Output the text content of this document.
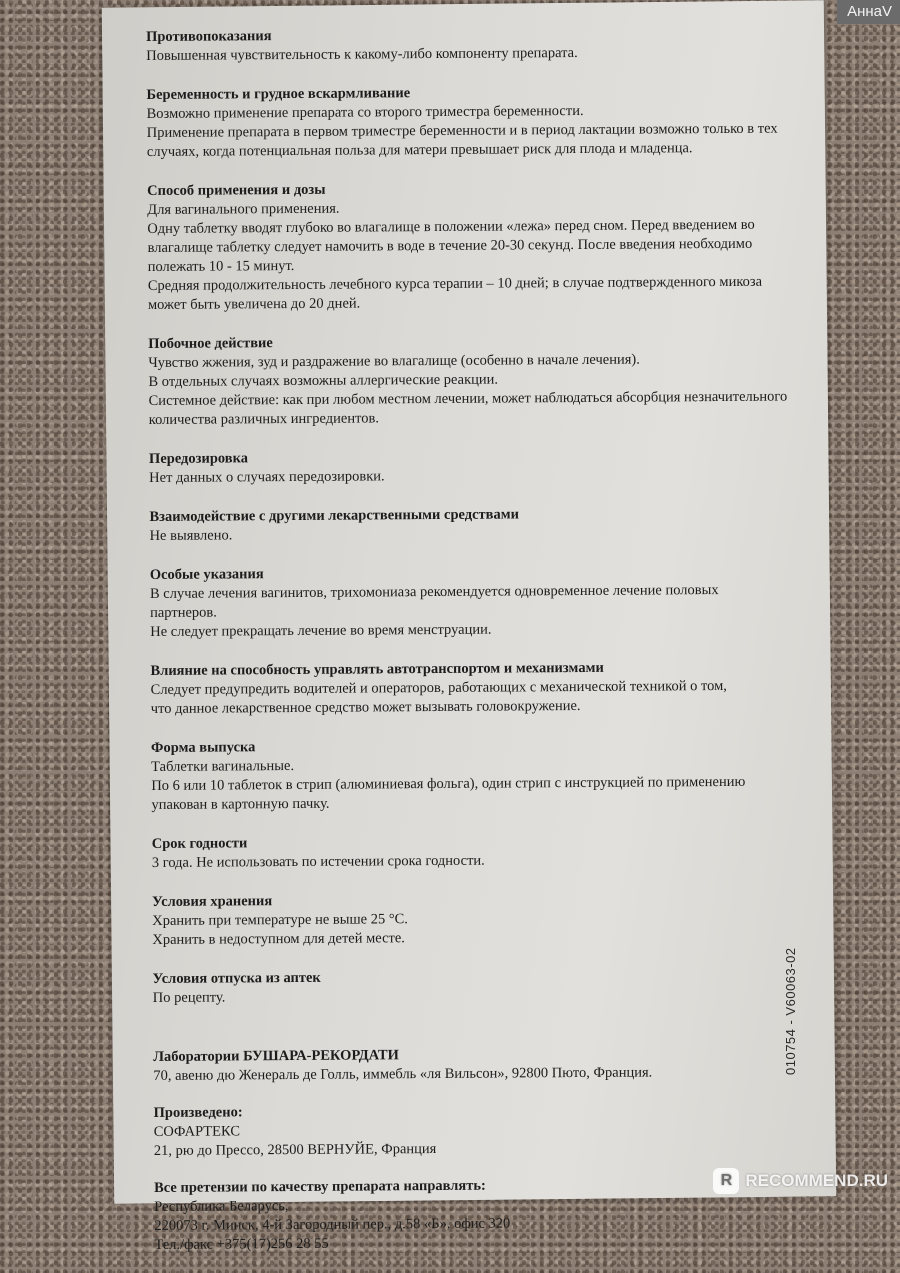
Противопоказания
Повышенная чувствительность к какому-либо компоненту препарата.
Беременность и грудное вскармливание
Возможно применение препарата со второго триместра беременности.
Применение препарата в первом триместре беременности и в период лактации возможно только в тех
случаях, когда потенциальная польза для матери превышает риск для плода и младенца.
Способ применения и дозы
Для вагинального применения.
Одну таблетку вводят глубоко во влагалище в положении «лежа» перед сном. Перед введением во
влагалище таблетку следует намочить в воде в течение 20-30 секунд. После введения необходимо
полежать 10 - 15 минут.
Средняя продолжительность лечебного курса терапии – 10 дней; в случае подтвержденного микоза
может быть увеличена до 20 дней.
Побочное действие
Чувство жжения, зуд и раздражение во влагалище (особенно в начале лечения).
В отдельных случаях возможны аллергические реакции.
Системное действие: как при любом местном лечении, может наблюдаться абсорбция незначительного
количества различных ингредиентов.
Передозировка
Нет данных о случаях передозировки.
Взаимодействие с другими лекарственными средствами
Не выявлено.
Особые указания
В случае лечения вагинитов, трихомониаза рекомендуется одновременное лечение половых
партнеров.
Не следует прекращать лечение во время менструации.
Влияние на способность управлять автотранспортом и механизмами
Следует предупредить водителей и операторов, работающих с механической техникой о том,
что данное лекарственное средство может вызывать головокружение.
Форма выпуска
Таблетки вагинальные.
По 6 или 10 таблеток в стрип (алюминиевая фольга), один стрип с инструкцией по применению
упакован в картонную пачку.
Срок годности
3 года. Не использовать по истечении срока годности.
Условия хранения
Хранить при температуре не выше 25 °С.
Хранить в недоступном для детей месте.
Условия отпуска из аптек
По рецепту.
Лаборатории БУШАРА-РЕКОРДАТИ
70, авеню дю Женераль де Голль, иммебль «ля Вильсон», 92800 Пюто, Франция.
Произведено:
СОФАРТЕКС
21, рю до Прессо, 28500 ВЕРНУЙЕ, Франция
Все претензии по качеству препарата направлять:
Республика Беларусь,
220073 г. Минск, 4-й Загородный пер., д.58 «Б», офис 320
Тел./факс +375(17)256 28 55
010754 - V60063-02
АннаV
R RECOMMEND.RU
